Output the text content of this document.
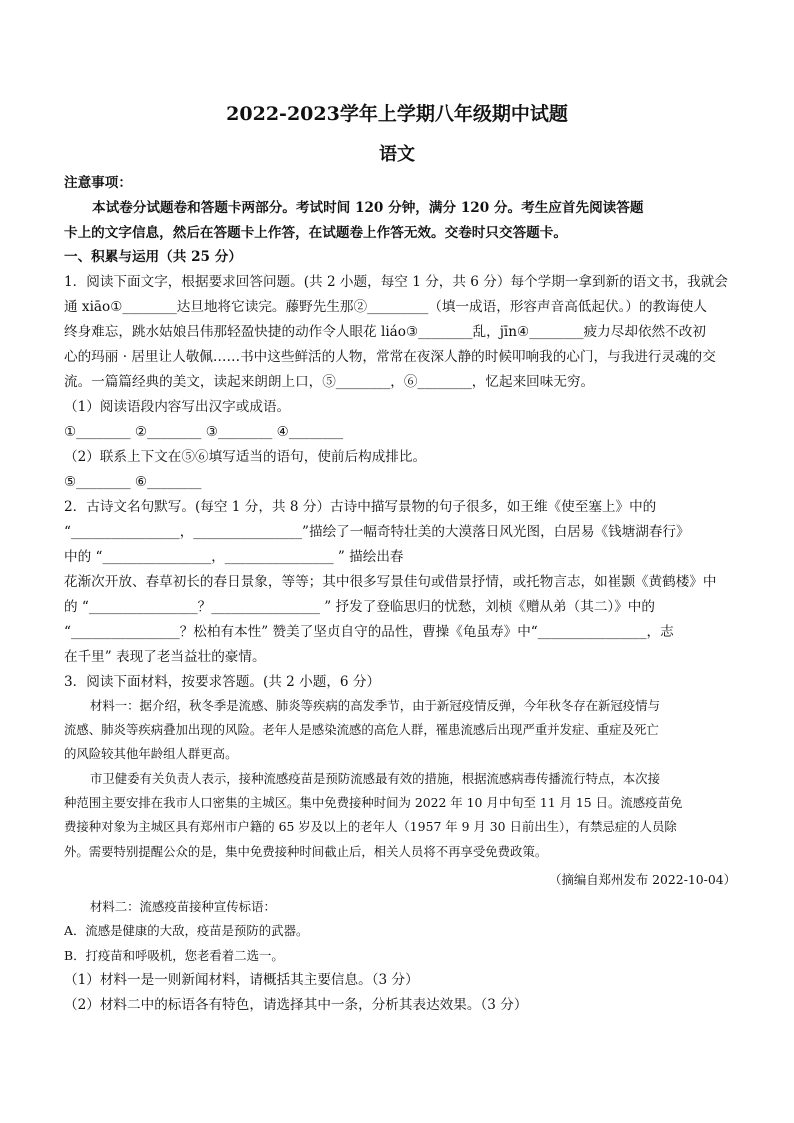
2022-2023学年上学期八年级期中试题
语文
注意事项：
本试卷分试题卷和答题卡两部分。考试时间 120 分钟，满分 120 分。考生应首先阅读答题
卡上的文字信息，然后在答题卡上作答，在试题卷上作答无效。交卷时只交答题卡。
一、积累与运用（共 25 分）
1．阅读下面文字，根据要求回答问题。(共 2 小题，每空 1 分，共 6 分）每个学期一拿到新的语文书，我就会
通 xiāo①________达旦地将它读完。藤野先生那②_________（填一成语，形容声音高低起伏。）的教诲使人
终身难忘，跳水姑娘吕伟那轻盈快捷的动作令人眼花 liáo③________乱，jīn④________疲力尽却依然不改初
心的玛丽 · 居里让人敬佩……书中这些鲜活的人物，常常在夜深人静的时候叩响我的心门，与我进行灵魂的交
流。一篇篇经典的美文，读起来朗朗上口，⑤________，⑥________，忆起来回味无穷。
（1）阅读语段内容写出汉字或成语。
①________ ②________ ③________ ④________
（2）联系上下文在⑤⑥填写适当的语句，使前后构成排比。
⑤________ ⑥________
2．古诗文名句默写。(每空 1 分，共 8 分）古诗中描写景物的句子很多，如王维《使至塞上》中的
“________________，________________”描绘了一幅奇特壮美的大漠落日风光图，白居易《钱塘湖春行》
中的 “________________，________________ ” 描绘出春
花渐次开放、春草初长的春日景象，等等；其中很多写景佳句或借景抒情，或托物言志，如崔颢《黄鹤楼》中
的 “________________？________________ ” 抒发了登临思归的忧愁，刘桢《赠从弟（其二）》中的
“________________？松柏有本性” 赞美了坚贞自守的品性，曹操《龟虽寿》中“________________，志
在千里” 表现了老当益壮的豪情。
3．阅读下面材料，按要求答题。(共 2 小题，6 分）
材料一：据介绍，秋冬季是流感、肺炎等疾病的高发季节，由于新冠疫情反弹，今年秋冬存在新冠疫情与
流感、肺炎等疾病叠加出现的风险。老年人是感染流感的高危人群，罹患流感后出现严重并发症、重症及死亡
的风险较其他年龄组人群更高。
市卫健委有关负责人表示，接种流感疫苗是预防流感最有效的措施，根据流感病毒传播流行特点，本次接
种范围主要安排在我市人口密集的主城区。集中免费接种时间为 2022 年 10 月中旬至 11 月 15 日。流感疫苗免
费接种对象为主城区具有郑州市户籍的 65 岁及以上的老年人（1957 年 9 月 30 日前出生），有禁忌症的人员除
外。需要特别提醒公众的是，集中免费接种时间截止后，相关人员将不再享受免费政策。
（摘编自郑州发布 2022-10-04）
材料二：流感疫苗接种宣传标语：
A．流感是健康的大敌，疫苗是预防的武器。
B．打疫苗和呼吸机，您老看着二选一。
（1）材料一是一则新闻材料，请概括其主要信息。（3 分）
（2）材料二中的标语各有特色，请选择其中一条，分析其表达效果。（3 分）
